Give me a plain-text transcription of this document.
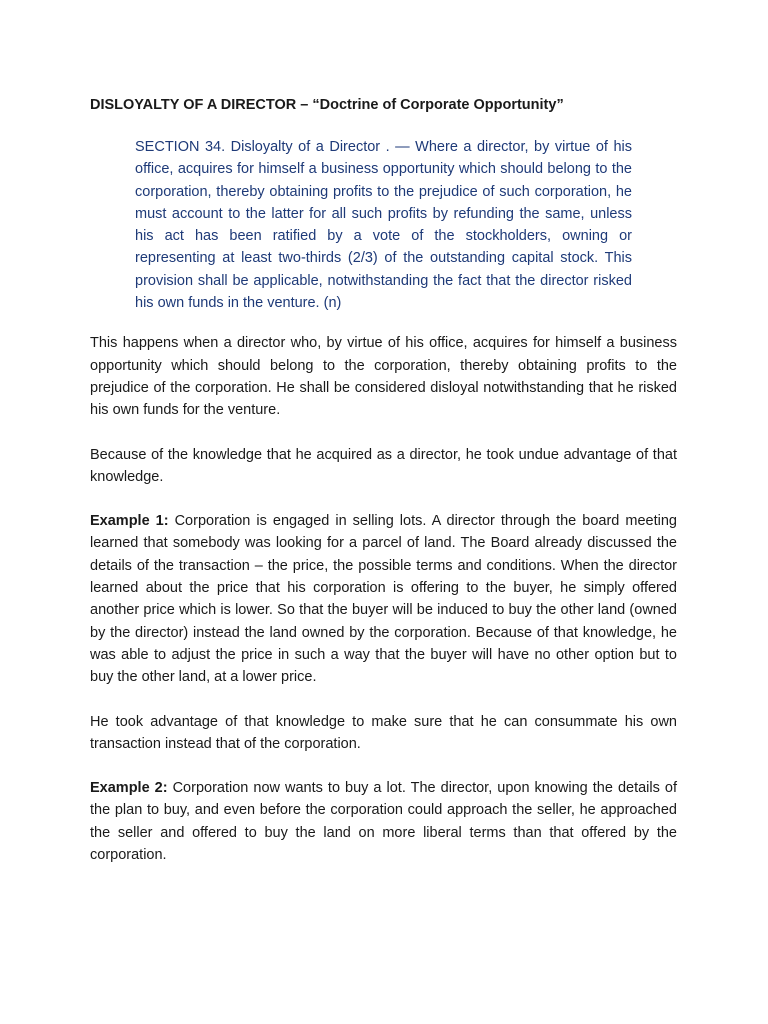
DISLOYALTY OF A DIRECTOR – “Doctrine of Corporate Opportunity”
SECTION 34. Disloyalty of a Director . — Where a director, by virtue of his office, acquires for himself a business opportunity which should belong to the corporation, thereby obtaining profits to the prejudice of such corporation, he must account to the latter for all such profits by refunding the same, unless his act has been ratified by a vote of the stockholders, owning or representing at least two-thirds (2/3) of the outstanding capital stock. This provision shall be applicable, notwithstanding the fact that the director risked his own funds in the venture. (n)
This happens when a director who, by virtue of his office, acquires for himself a business opportunity which should belong to the corporation, thereby obtaining profits to the prejudice of the corporation. He shall be considered disloyal notwithstanding that he risked his own funds for the venture.
Because of the knowledge that he acquired as a director, he took undue advantage of that knowledge.
Example 1: Corporation is engaged in selling lots. A director through the board meeting learned that somebody was looking for a parcel of land. The Board already discussed the details of the transaction – the price, the possible terms and conditions. When the director learned about the price that his corporation is offering to the buyer, he simply offered another price which is lower. So that the buyer will be induced to buy the other land (owned by the director) instead the land owned by the corporation. Because of that knowledge, he was able to adjust the price in such a way that the buyer will have no other option but to buy the other land, at a lower price.
He took advantage of that knowledge to make sure that he can consummate his own transaction instead that of the corporation.
Example 2: Corporation now wants to buy a lot. The director, upon knowing the details of the plan to buy, and even before the corporation could approach the seller, he approached the seller and offered to buy the land on more liberal terms than that offered by the corporation.
